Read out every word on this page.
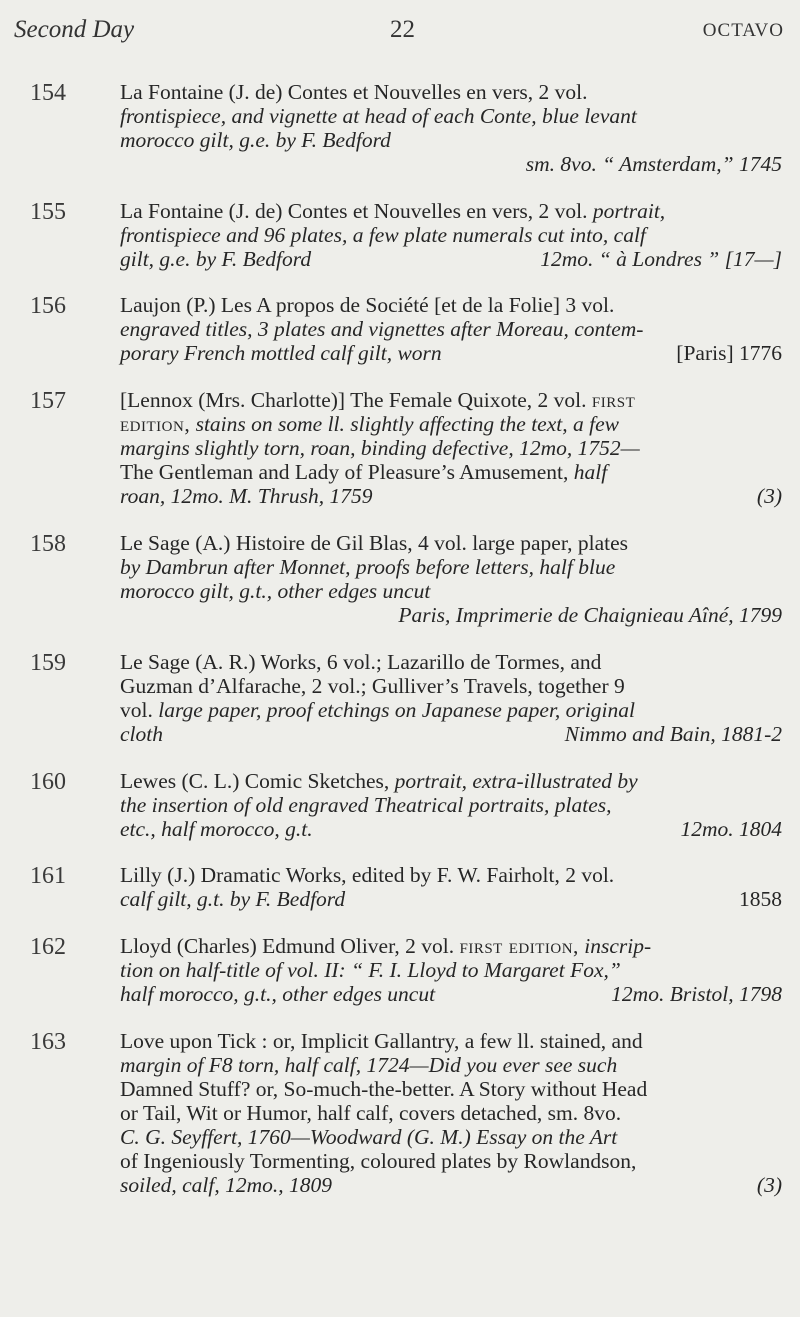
Second Day	22	OCTAVO
154	La Fontaine (J. de) Contes et Nouvelles en vers, 2 vol.
frontispiece, and vignette at head of each Conte, blue levant
morocco gilt, g.e. by F. Bedford
sm. 8vo. “ Amsterdam,” 1745
155	La Fontaine (J. de) Contes et Nouvelles en vers, 2 vol. portrait,
frontispiece and 96 plates, a few plate numerals cut into, calf
gilt, g.e. by F. Bedford	12mo. “ à Londres ” [17—]
156	Laujon (P.) Les A propos de Société [et de la Folie] 3 vol.
engraved titles, 3 plates and vignettes after Moreau, contem-
porary French mottled calf gilt, worn	[Paris] 1776
157	[Lennox (Mrs. Charlotte)] The Female Quixote, 2 vol. first
edition, stains on some ll. slightly affecting the text, a few
margins slightly torn, roan, binding defective, 12mo, 1752—
The Gentleman and Lady of Pleasure’s Amusement, half
roan, 12mo. M. Thrush, 1759	(3)
158	Le Sage (A.) Histoire de Gil Blas, 4 vol. large paper, plates
by Dambrun after Monnet, proofs before letters, half blue
morocco gilt, g.t., other edges uncut
Paris, Imprimerie de Chaignieau Aîné, 1799
159	Le Sage (A. R.) Works, 6 vol.; Lazarillo de Tormes, and
Guzman d’Alfarache, 2 vol.; Gulliver’s Travels, together 9
vol. large paper, proof etchings on Japanese paper, original
cloth	Nimmo and Bain, 1881-2
160	Lewes (C. L.) Comic Sketches, portrait, extra-illustrated by
the insertion of old engraved Theatrical portraits, plates,
etc., half morocco, g.t.	12mo. 1804
161	Lilly (J.) Dramatic Works, edited by F. W. Fairholt, 2 vol.
calf gilt, g.t. by F. Bedford	1858
162	Lloyd (Charles) Edmund Oliver, 2 vol. first edition, inscrip-
tion on half-title of vol. II: “ F. I. Lloyd to Margaret Fox,”
half morocco, g.t., other edges uncut	12mo. Bristol, 1798
163	Love upon Tick : or, Implicit Gallantry, a few ll. stained, and
margin of F8 torn, half calf, 1724—Did you ever see such
Damned Stuff? or, So-much-the-better. A Story without Head
or Tail, Wit or Humor, half calf, covers detached, sm. 8vo.
C. G. Seyffert, 1760—Woodward (G. M.) Essay on the Art
of Ingeniously Tormenting, coloured plates by Rowlandson,
soiled, calf, 12mo., 1809	(3)
